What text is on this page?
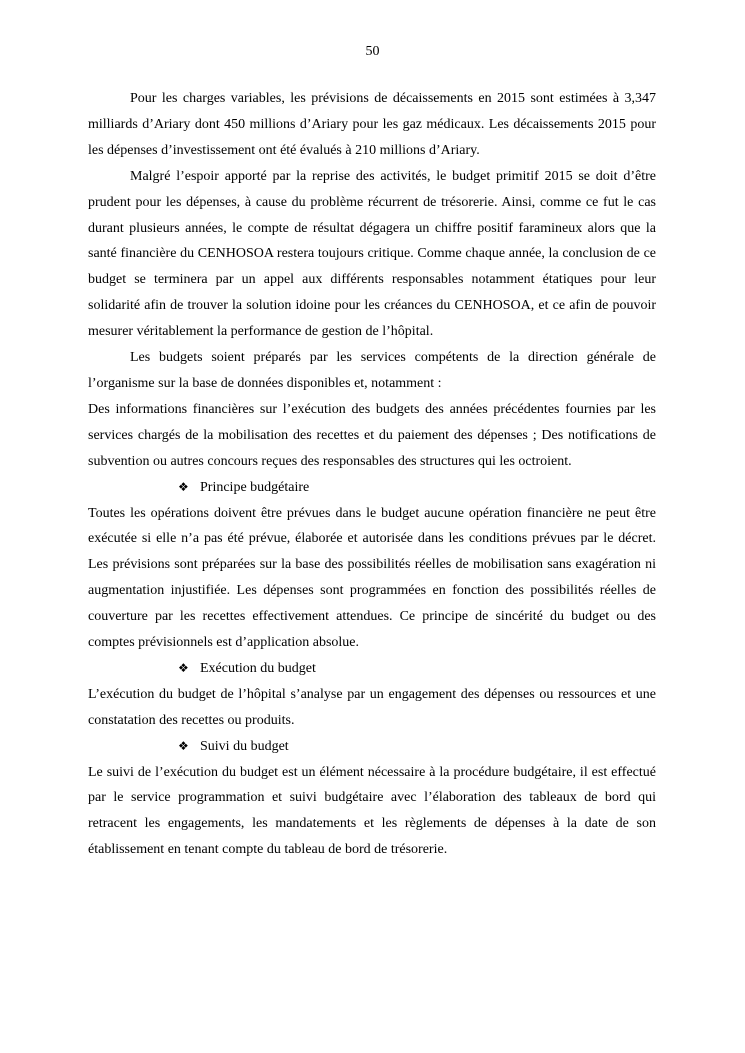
50

Pour les charges variables, les prévisions de décaissements en 2015 sont estimées à 3,347 milliards d’Ariary dont 450 millions d’Ariary pour les gaz médicaux. Les décaissements 2015 pour les dépenses d’investissement ont été évalués à 210 millions d’Ariary.

Malgré l’espoir apporté par la reprise des activités, le budget primitif 2015 se doit d’être prudent pour les dépenses, à cause du problème récurrent de trésorerie. Ainsi, comme ce fut le cas durant plusieurs années, le compte de résultat dégagera un chiffre positif faramineux alors que la santé financière du CENHOSOA restera toujours critique. Comme chaque année, la conclusion de ce budget se terminera par un appel aux différents responsables notamment étatiques pour leur solidarité afin de trouver la solution idoine pour les créances du CENHOSOA, et ce afin de pouvoir mesurer véritablement la performance de gestion de l’hôpital.

Les budgets soient préparés par les services compétents de la direction générale de l’organisme sur la base de données disponibles et, notamment :

Des informations financières sur l’exécution des budgets des années précédentes fournies par les services chargés de la mobilisation des recettes et du paiement des dépenses ; Des notifications de subvention ou autres concours reçues des responsables des structures qui les octroient.

❖ Principe budgétaire

Toutes les opérations doivent être prévues dans le budget aucune opération financière ne peut être exécutée si elle n’a pas été prévue, élaborée et autorisée dans les conditions prévues par le décret. Les prévisions sont préparées sur la base des possibilités réelles de mobilisation sans exagération ni augmentation injustifiée. Les dépenses sont programmées en fonction des possibilités réelles de couverture par les recettes effectivement attendues. Ce principe de sincérité du budget ou des comptes prévisionnels est d’application absolue.

❖ Exécution du budget

L’exécution du budget de l’hôpital s’analyse par un engagement des dépenses ou ressources et une constatation des recettes ou produits.

❖ Suivi du budget

Le suivi de l’exécution du budget est un élément nécessaire à la procédure budgétaire, il est effectué par le service programmation et suivi budgétaire avec l’élaboration des tableaux de bord qui retracent les engagements, les mandatements et les règlements de dépenses à la date de son établissement en tenant compte du tableau de bord de trésorerie.
